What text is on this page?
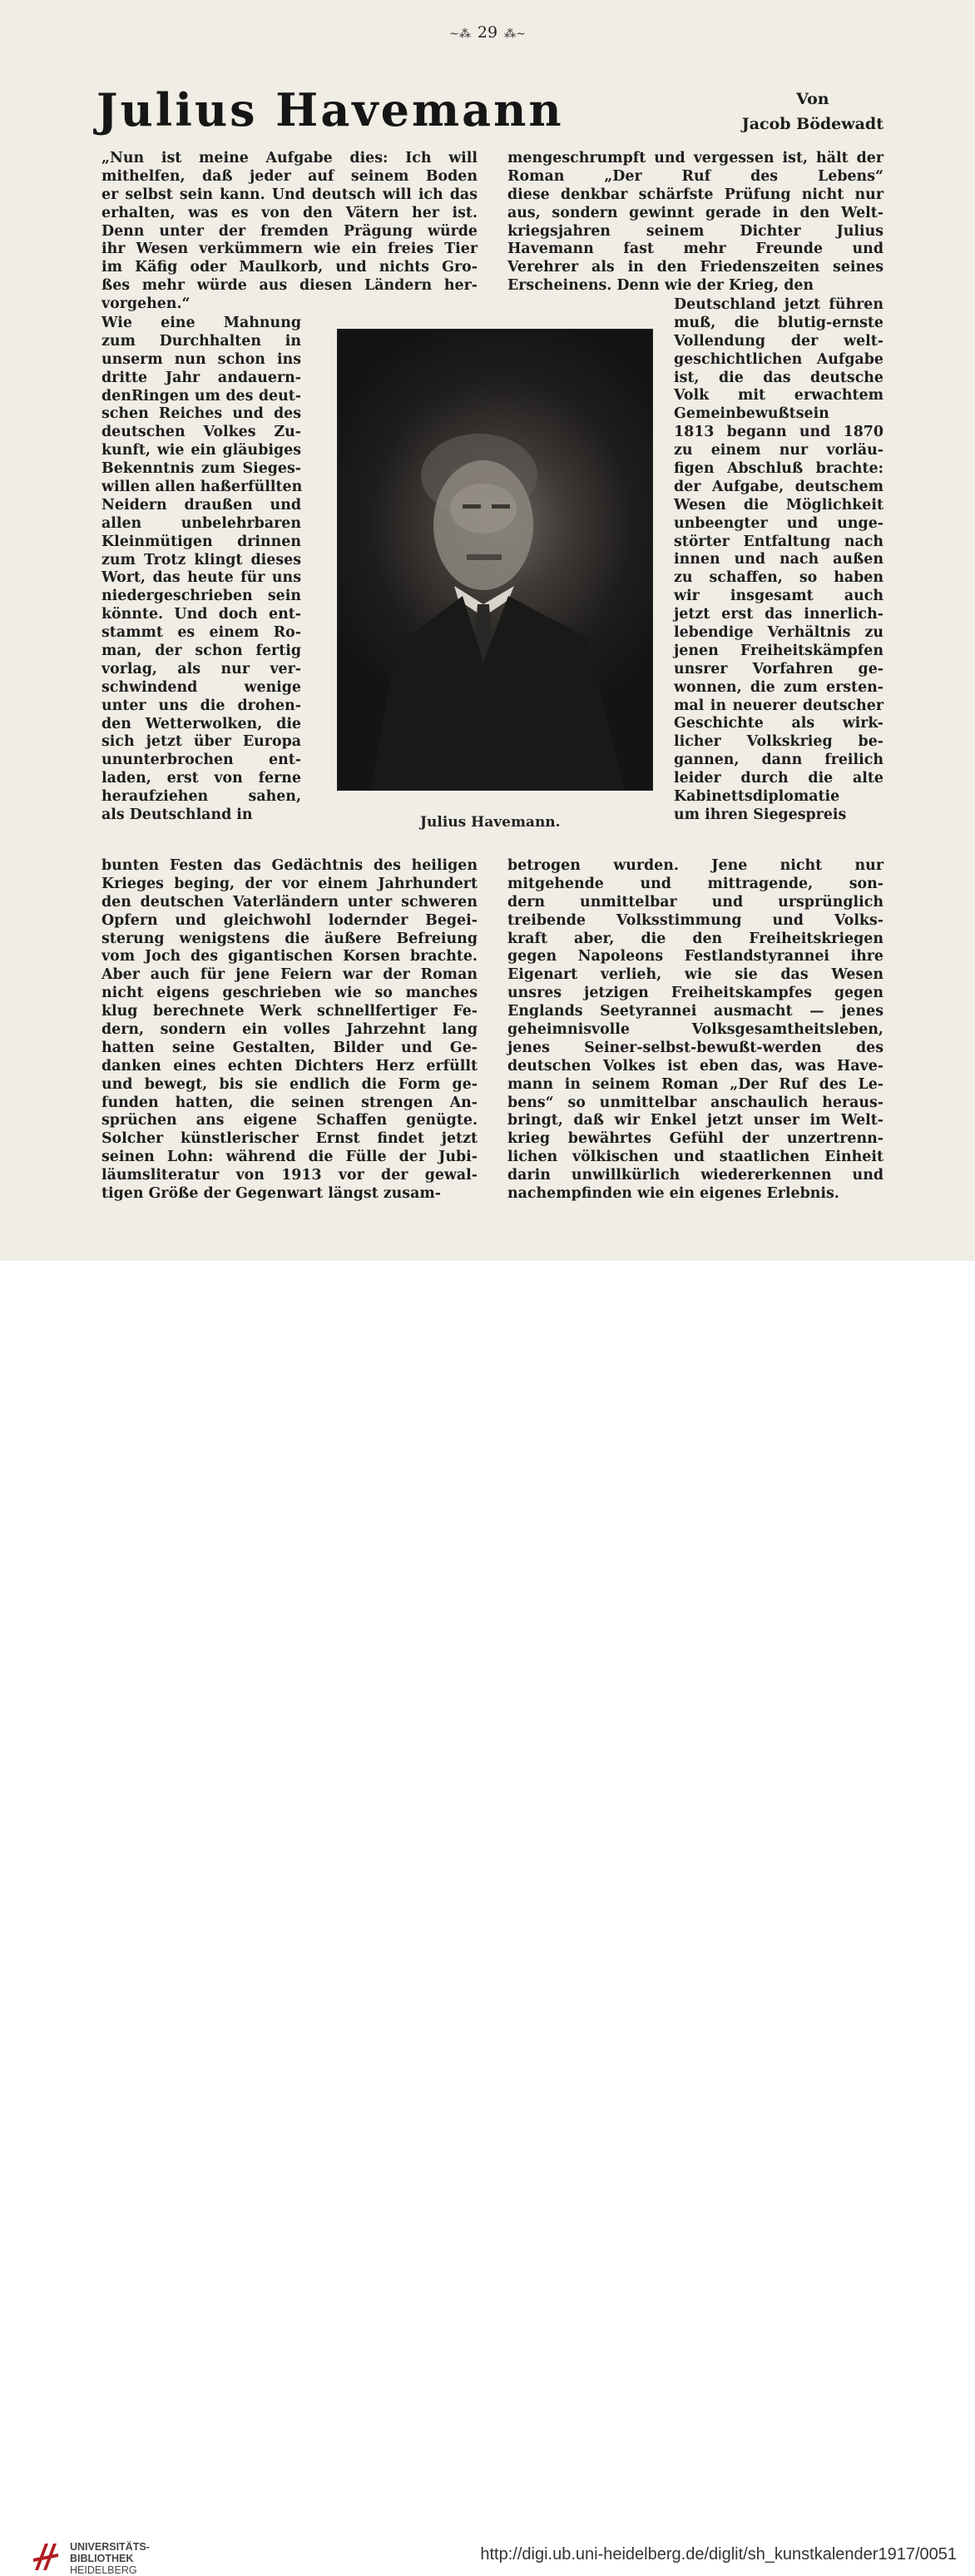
~⁂ 29 ⁂~
Julius Havemann	Von
Jacob Bödewadt
„Nun ist meine Aufgabe dies: Ich will
mithelfen, daß jeder auf seinem Boden
er selbst sein kann. Und deutsch will ich das
erhalten, was es von den Vätern her ist.
Denn unter der fremden Prägung würde
ihr Wesen verkümmern wie ein freies Tier
im Käfig oder Maulkorb, und nichts Gro-
ßes mehr würde aus diesen Ländern her-
vorgehen.“
Wie eine Mahnung
zum Durchhalten in
unserm nun schon ins
dritte Jahr andauern-
denRingen um des deut-
schen Reiches und des
deutschen Volkes Zu-
kunft, wie ein gläubiges
Bekenntnis zum Sieges-
willen allen haßerfüllten
Neidern draußen und
allen unbelehrbaren
Kleinmütigen drinnen
zum Trotz klingt dieses
Wort, das heute für uns
niedergeschrieben sein
könnte. Und doch ent-
stammt es einem Ro-
man, der schon fertig
vorlag, als nur ver-
schwindend wenige
unter uns die drohen-
den Wetterwolken, die
sich jetzt über Europa
ununterbrochen ent-
laden, erst von ferne
heraufziehen sahen,
als Deutschland in
bunten Festen das Gedächtnis des heiligen
Krieges beging, der vor einem Jahrhundert
den deutschen Vaterländern unter schweren
Opfern und gleichwohl lodernder Begei-
sterung wenigstens die äußere Befreiung
vom Joch des gigantischen Korsen brachte.
Aber auch für jene Feiern war der Roman
nicht eigens geschrieben wie so manches
klug berechnete Werk schnellfertiger Fe-
dern, sondern ein volles Jahrzehnt lang
hatten seine Gestalten, Bilder und Ge-
danken eines echten Dichters Herz erfüllt
und bewegt, bis sie endlich die Form ge-
funden hatten, die seinen strengen An-
sprüchen ans eigene Schaffen genügte.
Solcher künstlerischer Ernst findet jetzt
seinen Lohn: während die Fülle der Jubi-
läumsliteratur von 1913 vor der gewal-
tigen Größe der Gegenwart längst zusam-
mengeschrumpft und vergessen ist, hält der
Roman „Der Ruf des Lebens“
diese denkbar schärfste Prüfung nicht nur
aus, sondern gewinnt gerade in den Welt-
kriegsjahren seinem Dichter Julius
Havemann fast mehr Freunde und
Verehrer als in den Friedenszeiten seines
Erscheinens. Denn wie der Krieg, den
Deutschland jetzt führen
muß, die blutig-ernste
Vollendung der welt-
geschichtlichen Aufgabe
ist, die das deutsche
Volk mit erwachtem
Gemeinbewußtsein
1813 begann und 1870
zu einem nur vorläu-
figen Abschluß brachte:
der Aufgabe, deutschem
Wesen die Möglichkeit
unbeengter und unge-
störter Entfaltung nach
innen und nach außen
zu schaffen, so haben
wir insgesamt auch
jetzt erst das innerlich-
lebendige Verhältnis zu
jenen Freiheitskämpfen
unsrer Vorfahren ge-
wonnen, die zum ersten-
mal in neuerer deutscher
Geschichte als wirk-
licher Volkskrieg be-
gannen, dann freilich
leider durch die alte
Kabinettsdiplomatie
um ihren Siegespreis
betrogen wurden. Jene nicht nur
mitgehende und mittragende, son-
dern unmittelbar und ursprünglich
treibende Volksstimmung und Volks-
kraft aber, die den Freiheitskriegen
gegen Napoleons Festlandstyrannei ihre
Eigenart verlieh, wie sie das Wesen
unsres jetzigen Freiheitskampfes gegen
Englands Seetyrannei ausmacht — jenes
geheimnisvolle Volksgesamtheitsleben,
jenes Seiner-selbst-bewußt-werden des
deutschen Volkes ist eben das, was Have-
mann in seinem Roman „Der Ruf des Le-
bens“ so unmittelbar anschaulich heraus-
bringt, daß wir Enkel jetzt unser im Welt-
krieg bewährtes Gefühl der unzertrenn-
lichen völkischen und staatlichen Einheit
darin unwillkürlich wiedererkennen und
nachempfinden wie ein eigenes Erlebnis.
Julius Havemann.
UNIVERSITÄTS-
BIBLIOTHEK
HEIDELBERG
http://digi.ub.uni-heidelberg.de/diglit/sh_kunstkalender1917/0051
